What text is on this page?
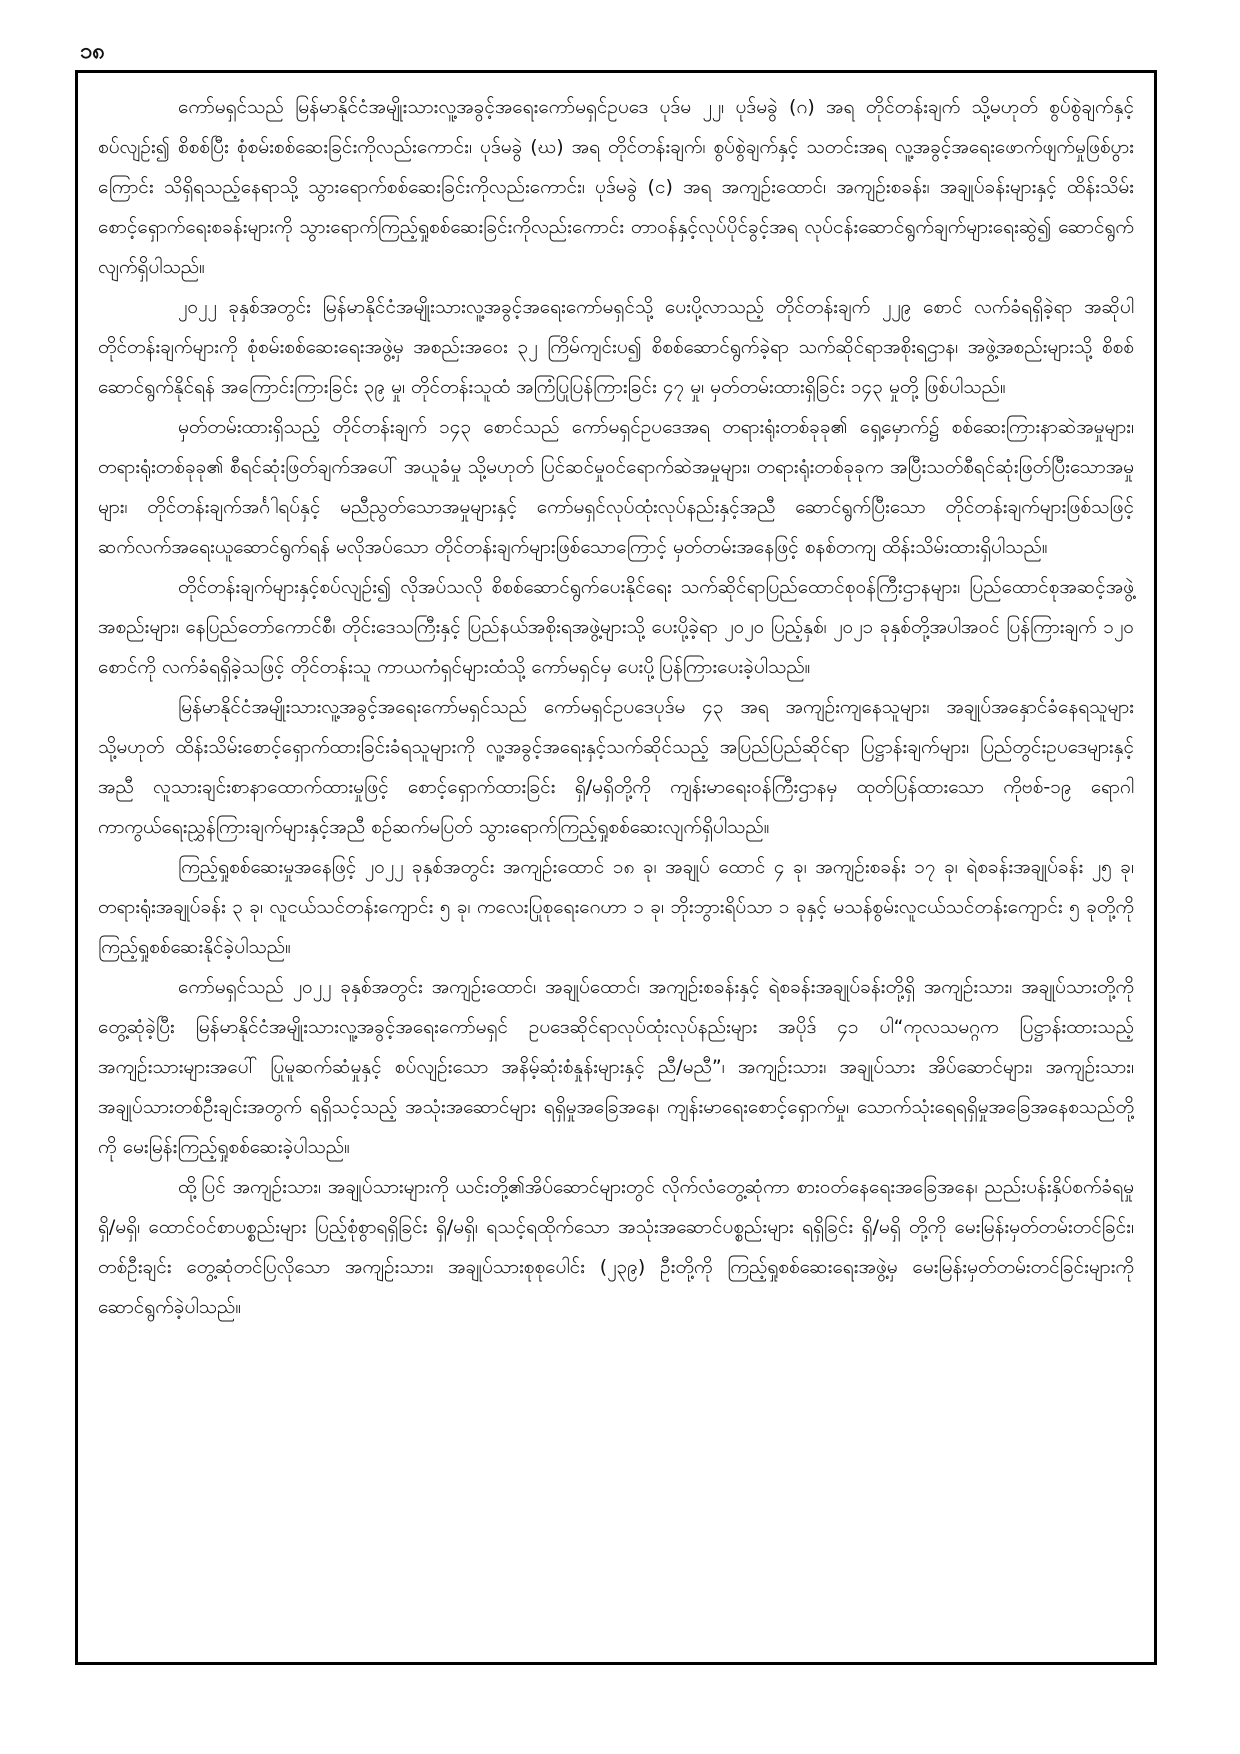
၁၈

ကော်မရှင်သည် မြန်မာနိုင်ငံအမျိုးသားလူ့အခွင့်အရေးကော်မရှင်ဥပဒေ ပုဒ်မ ၂၂၊ ပုဒ်မခွဲ (ဂ) အရ တိုင်တန်းချက် သို့မဟုတ် စွပ်စွဲချက်နှင့်စပ်လျဉ်း၍ စိစစ်ပြီး စုံစမ်းစစ်ဆေးခြင်းကိုလည်းကောင်း၊ ပုဒ်မခွဲ (ဃ) အရ တိုင်တန်းချက်၊ စွပ်စွဲချက်နှင့် သတင်းအရ လူ့အခွင့်အရေးဖောက်ဖျက်မှုဖြစ်ပွားကြောင်း သိရှိရသည့်နေရာသို့ သွားရောက်စစ်ဆေးခြင်းကိုလည်းကောင်း၊ ပုဒ်မခွဲ (င) အရ အကျဉ်းထောင်၊ အကျဉ်းစခန်း၊ အချုပ်ခန်းများနှင့် ထိန်းသိမ်းစောင့်ရှောက်ရေးစခန်းများကို သွားရောက်ကြည့်ရှုစစ်ဆေးခြင်းကိုလည်းကောင်း တာဝန်နှင့်လုပ်ပိုင်ခွင့်အရ လုပ်ငန်းဆောင်ရွက်ချက်များရေးဆွဲ၍ ဆောင်ရွက်လျက်ရှိပါသည်။

၂၀၂၂ ခုနှစ်အတွင်း မြန်မာနိုင်ငံအမျိုးသားလူ့အခွင့်အရေးကော်မရှင်သို့ ပေးပို့လာသည့် တိုင်တန်းချက် ၂၂၉ စောင် လက်ခံရရှိခဲ့ရာ အဆိုပါတိုင်တန်းချက်များကို စုံစမ်းစစ်ဆေးရေးအဖွဲ့မှ အစည်းအဝေး ၃၂ ကြိမ်ကျင်းပ၍ စိစစ်ဆောင်ရွက်ခဲ့ရာ သက်ဆိုင်ရာအစိုးရဌာန၊ အဖွဲ့အစည်းများသို့ စိစစ်ဆောင်ရွက်နိုင်ရန် အကြောင်းကြားခြင်း ၃၉ မှု၊ တိုင်တန်းသူထံ အကြံပြုပြန်ကြားခြင်း ၄၇ မှု၊ မှတ်တမ်းထားရှိခြင်း ၁၄၃ မှုတို့ ဖြစ်ပါသည်။

မှတ်တမ်းထားရှိသည့် တိုင်တန်းချက် ၁၄၃ စောင်သည် ကော်မရှင်ဥပဒေအရ တရားရုံးတစ်ခုခု၏ ရှေ့မှောက်၌ စစ်ဆေးကြားနာဆဲအမှုများ၊ တရားရုံးတစ်ခုခု၏ စီရင်ဆုံးဖြတ်ချက်အပေါ် အယူခံမှု သို့မဟုတ် ပြင်ဆင်မှုဝင်ရောက်ဆဲအမှုများ၊ တရားရုံးတစ်ခုခုက အပြီးသတ်စီရင်ဆုံးဖြတ်ပြီးသောအမှုများ၊ တိုင်တန်းချက်အင်္ဂါရပ်နှင့် မညီညွတ်သောအမှုများနှင့် ကော်မရှင်လုပ်ထုံးလုပ်နည်းနှင့်အညီ ဆောင်ရွက်ပြီးသော တိုင်တန်းချက်များဖြစ်သဖြင့် ဆက်လက်အရေးယူဆောင်ရွက်ရန် မလိုအပ်သော တိုင်တန်းချက်များဖြစ်သောကြောင့် မှတ်တမ်းအနေဖြင့် စနစ်တကျ ထိန်းသိမ်းထားရှိပါသည်။

တိုင်တန်းချက်များနှင့်စပ်လျဉ်း၍ လိုအပ်သလို စိစစ်ဆောင်ရွက်ပေးနိုင်ရေး သက်ဆိုင်ရာပြည်ထောင်စုဝန်ကြီးဌာနများ၊ ပြည်ထောင်စုအဆင့်အဖွဲ့အစည်းများ၊ နေပြည်တော်ကောင်စီ၊ တိုင်းဒေသကြီးနှင့် ပြည်နယ်အစိုးရအဖွဲ့များသို့ ပေးပို့ခဲ့ရာ ၂၀၂၀ ပြည့်နှစ်၊ ၂၀၂၁ ခုနှစ်တို့အပါအဝင် ပြန်ကြားချက် ၁၂၀ စောင်ကို လက်ခံရရှိခဲ့သဖြင့် တိုင်တန်းသူ ကာယကံရှင်များထံသို့ ကော်မရှင်မှ ပေးပို့ပြန်ကြားပေးခဲ့ပါသည်။

မြန်မာနိုင်ငံအမျိုးသားလူ့အခွင့်အရေးကော်မရှင်သည် ကော်မရှင်ဥပဒေပုဒ်မ ၄၃ အရ အကျဉ်းကျနေသူများ၊ အချုပ်အနှောင်ခံနေရသူများ သို့မဟုတ် ထိန်းသိမ်းစောင့်ရှောက်ထားခြင်းခံရသူများကို လူ့အခွင့်အရေးနှင့်သက်ဆိုင်သည့် အပြည်ပြည်ဆိုင်ရာ ပြဋ္ဌာန်းချက်များ၊ ပြည်တွင်းဥပဒေများနှင့်အညီ လူသားချင်းစာနာထောက်ထားမှုဖြင့် စောင့်ရှောက်ထားခြင်း ရှိ/မရှိတို့ကို ကျန်းမာရေးဝန်ကြီးဌာနမှ ထုတ်ပြန်ထားသော ကိုဗစ်-၁၉ ရောဂါ ကာကွယ်ရေးညွှန်ကြားချက်များနှင့်အညီ စဉ်ဆက်မပြတ် သွားရောက်ကြည့်ရှုစစ်ဆေးလျက်ရှိပါသည်။

ကြည့်ရှုစစ်ဆေးမှုအနေဖြင့် ၂၀၂၂ ခုနှစ်အတွင်း အကျဉ်းထောင် ၁၈ ခု၊ အချုပ် ထောင် ၄ ခု၊ အကျဉ်းစခန်း ၁၇ ခု၊ ရဲစခန်းအချုပ်ခန်း ၂၅ ခု၊ တရားရုံးအချုပ်ခန်း ၃ ခု၊ လူငယ်သင်တန်းကျောင်း ၅ ခု၊ ကလေးပြုစုရေးဂေဟာ ၁ ခု၊ ဘိုးဘွားရိပ်သာ ၁ ခုနှင့် မသန်စွမ်းလူငယ်သင်တန်းကျောင်း ၅ ခုတို့ကို ကြည့်ရှုစစ်ဆေးနိုင်ခဲ့ပါသည်။

ကော်မရှင်သည် ၂၀၂၂ ခုနှစ်အတွင်း အကျဉ်းထောင်၊ အချုပ်ထောင်၊ အကျဉ်းစခန်းနှင့် ရဲစခန်းအချုပ်ခန်းတို့ရှိ အကျဉ်းသား၊ အချုပ်သားတို့ကို တွေ့ဆုံခဲ့ပြီး မြန်မာနိုင်ငံအမျိုးသားလူ့အခွင့်အရေးကော်မရှင် ဥပဒေဆိုင်ရာလုပ်ထုံးလုပ်နည်းများ အပိုဒ် ၄၁ ပါ“ကုလသမဂ္ဂက ပြဋ္ဌာန်းထားသည့် အကျဉ်းသားများအပေါ် ပြုမူဆက်ဆံမှုနှင့် စပ်လျဉ်းသော အနိမ့်ဆုံးစံနှုန်းများနှင့် ညီ/မညီ”၊ အကျဉ်းသား၊ အချုပ်သား အိပ်ဆောင်များ၊ အကျဉ်းသား၊ အချုပ်သားတစ်ဦးချင်းအတွက် ရရှိသင့်သည့် အသုံးအဆောင်များ ရရှိမှုအခြေအနေ၊ ကျန်းမာရေးစောင့်ရှောက်မှု၊ သောက်သုံးရေရရှိမှုအခြေအနေစသည်တို့ကို မေးမြန်းကြည့်ရှုစစ်ဆေးခဲ့ပါသည်။

ထို့ပြင် အကျဉ်းသား၊ အချုပ်သားများကို ယင်းတို့၏အိပ်ဆောင်များတွင် လိုက်လံတွေ့ဆုံကာ စားဝတ်နေရေးအခြေအနေ၊ ညည်းပန်းနှိပ်စက်ခံရမှု ရှိ/မရှိ၊ ထောင်ဝင်စာပစ္စည်းများ ပြည့်စုံစွာရရှိခြင်း ရှိ/မရှိ၊ ရသင့်ရထိုက်သော အသုံးအဆောင်ပစ္စည်းများ ရရှိခြင်း ရှိ/မရှိ တို့ကို မေးမြန်းမှတ်တမ်းတင်ခြင်း၊ တစ်ဦးချင်း တွေ့ဆုံတင်ပြလိုသော အကျဉ်းသား၊ အချုပ်သားစုစုပေါင်း (၂၃၉) ဦးတို့ကို ကြည့်ရှုစစ်ဆေးရေးအဖွဲ့မှ မေးမြန်းမှတ်တမ်းတင်ခြင်းများကို ဆောင်ရွက်ခဲ့ပါသည်။
